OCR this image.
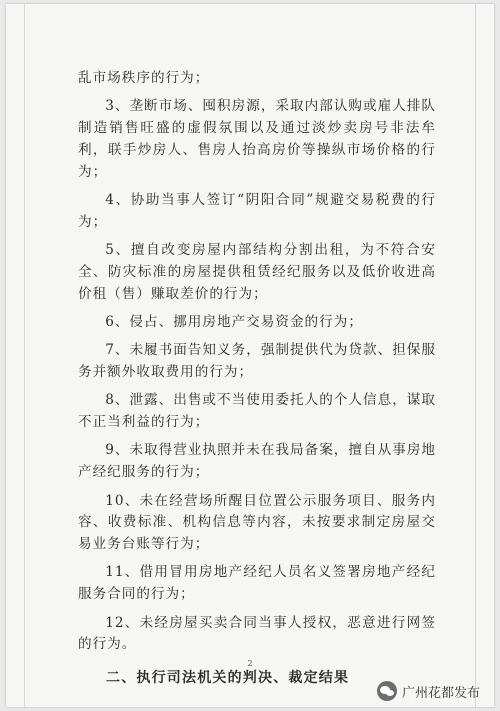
乱市场秩序的行为；

3、垄断市场、囤积房源，采取内部认购或雇人排队制造销售旺盛的虚假氛围以及通过淡炒卖房号非法牟利，联手炒房人、售房人抬高房价等操纵市场价格的行为；

4、协助当事人签订“阴阳合同”规避交易税费的行为；

5、擅自改变房屋内部结构分割出租，为不符合安全、防灾标准的房屋提供租赁经纪服务以及低价收进高价租（售）赚取差价的行为；

6、侵占、挪用房地产交易资金的行为；

7、未履书面告知义务，强制提供代为贷款、担保服务并额外收取费用的行为；

8、泄露、出售或不当使用委托人的个人信息，谋取不正当利益的行为；

9、未取得营业执照并未在我局备案，擅自从事房地产经纪服务的行为；

10、未在经营场所醒目位置公示服务项目、服务内容、收费标准、机构信息等内容，未按要求制定房屋交易业务台账等行为；

11、借用冒用房地产经纪人员名义签署房地产经纪服务合同的行为；

12、未经房屋买卖合同当事人授权，恶意进行网签的行为。

二、执行司法机关的判决、裁定结果
2
广州花都发布
